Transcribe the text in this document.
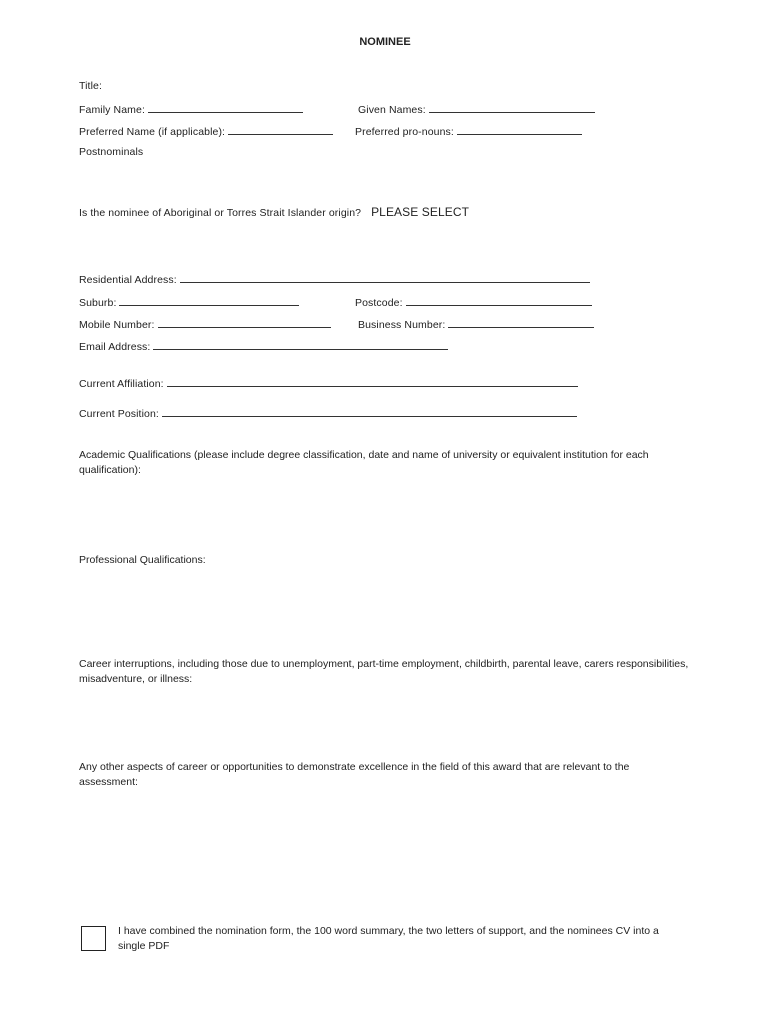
NOMINEE
Title:
Family Name:	Given Names:
Preferred Name (if applicable):	Preferred pro-nouns:
Postnominals
Is the nominee of Aboriginal or Torres Strait Islander origin? PLEASE SELECT
Residential Address:
Suburb:	Postcode:
Mobile Number:	Business Number:
Email Address:
Current Affiliation:
Current Position:
Academic Qualifications (please include degree classification, date and name of university or equivalent institution for each qualification):
Professional Qualifications:
Career interruptions, including those due to unemployment, part-time employment, childbirth, parental leave, carers responsibilities, misadventure, or illness:
Any other aspects of career or opportunities to demonstrate excellence in the field of this award that are relevant to the assessment:
I have combined the nomination form, the 100 word summary, the two letters of support, and the nominees CV into a single PDF
